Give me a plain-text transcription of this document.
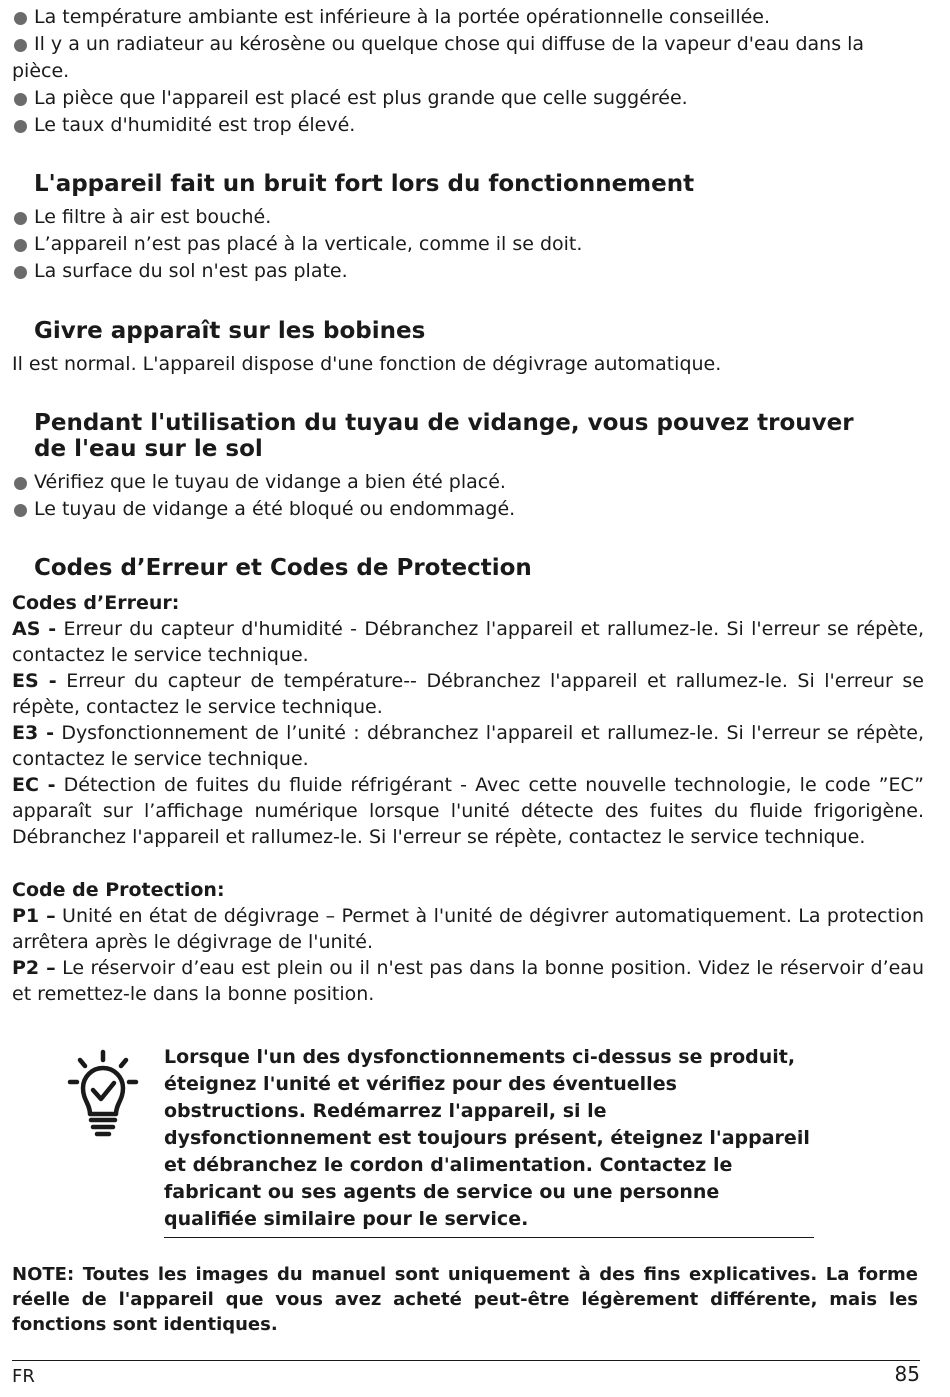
La température ambiante est inférieure à la portée opérationnelle conseillée.
Il y a un radiateur au kérosène ou quelque chose qui diffuse de la vapeur d'eau dans la
pièce.
La pièce que l'appareil est placé est plus grande que celle suggérée.
Le taux d'humidité est trop élevé.
L'appareil fait un bruit fort lors du fonctionnement
Le filtre à air est bouché.
L’appareil n’est pas placé à la verticale, comme il se doit.
La surface du sol n'est pas plate.
Givre apparaît sur les bobines
Il est normal. L'appareil dispose d'une fonction de dégivrage automatique.
Pendant l'utilisation du tuyau de vidange, vous pouvez trouver
de l'eau sur le sol
Vérifiez que le tuyau de vidange a bien été placé.
Le tuyau de vidange a été bloqué ou endommagé.
Codes d’Erreur et Codes de Protection
Codes d’Erreur:
AS - Erreur du capteur d'humidité - Débranchez l'appareil et rallumez-le. Si l'erreur se répète, contactez le service technique.
ES - Erreur du capteur de température-- Débranchez l'appareil et rallumez-le. Si l'erreur se répète, contactez le service technique.
E3 - Dysfonctionnement de l’unité : débranchez l'appareil et rallumez-le. Si l'erreur se répète, contactez le service technique.
EC - Détection de fuites du fluide réfrigérant - Avec cette nouvelle technologie, le code ”EC” apparaît sur l’affichage numérique lorsque l'unité détecte des fuites du fluide frigorigène. Débranchez l'appareil et rallumez-le. Si l'erreur se répète, contactez le service technique.
Code de Protection:
P1 – Unité en état de dégivrage – Permet à l'unité de dégivrer automatiquement. La protection arrêtera après le dégivrage de l'unité.
P2 – Le réservoir d’eau est plein ou il n'est pas dans la bonne position. Videz le réservoir d’eau et remettez-le dans la bonne position.
Lorsque l'un des dysfonctionnements ci-dessus se produit, éteignez l'unité et vérifiez pour des éventuelles obstructions. Redémarrez l'appareil, si le dysfonctionnement est toujours présent, éteignez l'appareil et débranchez le cordon d'alimentation. Contactez le fabricant ou ses agents de service ou une personne qualifiée similaire pour le service.
NOTE: Toutes les images du manuel sont uniquement à des fins explicatives. La forme réelle de l'appareil que vous avez acheté peut-être légèrement différente, mais les fonctions sont identiques.
FR	85
